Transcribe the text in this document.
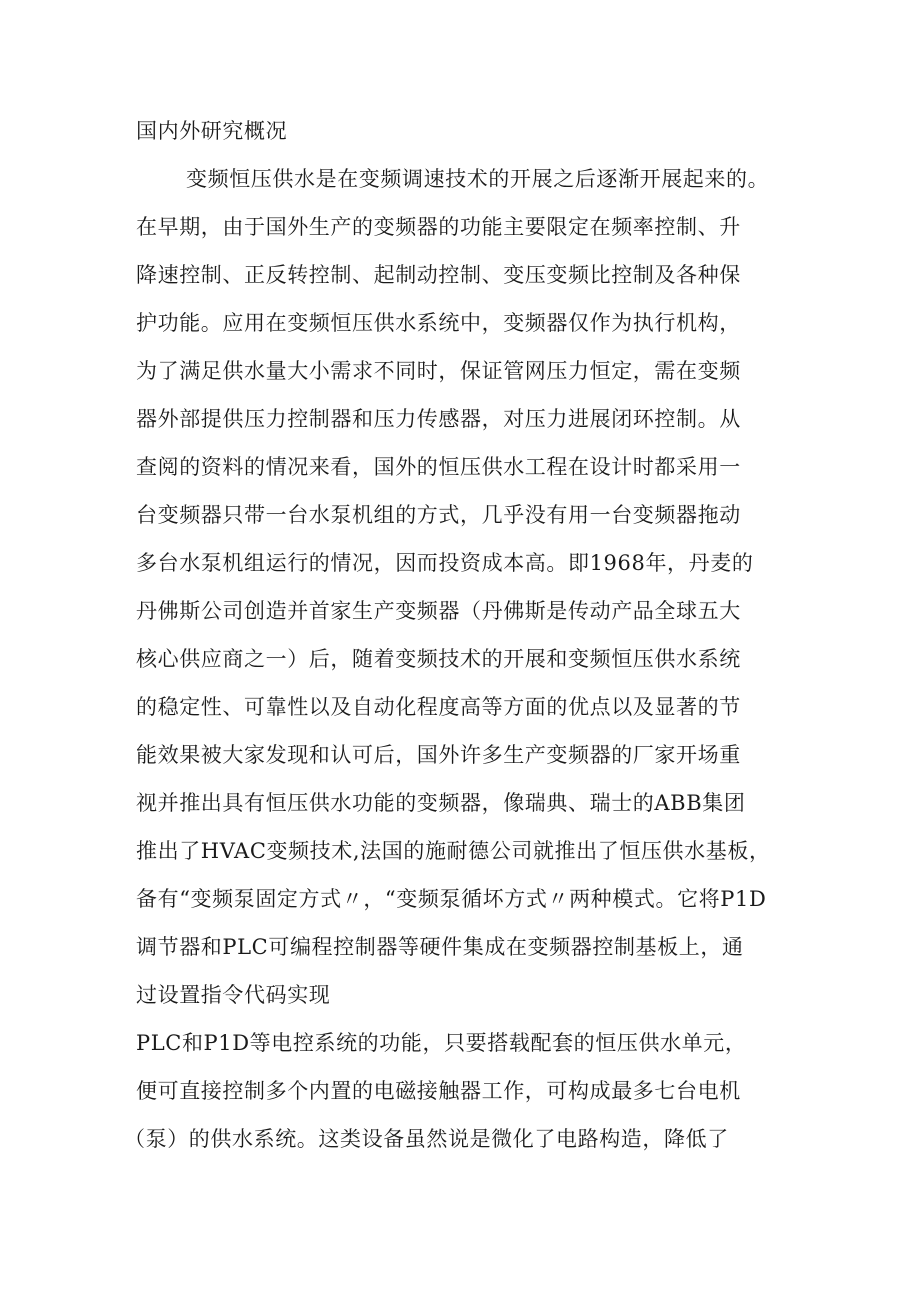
国内外研究概况
变频恒压供水是在变频调速技术的开展之后逐渐开展起来的。
在早期，由于国外生产的变频器的功能主要限定在频率控制、升
降速控制、正反转控制、起制动控制、变压变频比控制及各种保
护功能。应用在变频恒压供水系统中，变频器仅作为执行机构，
为了满足供水量大小需求不同时，保证管网压力恒定，需在变频
器外部提供压力控制器和压力传感器，对压力进展闭环控制。从
查阅的资料的情况来看，国外的恒压供水工程在设计时都采用一
台变频器只带一台水泵机组的方式，几乎没有用一台变频器拖动
多台水泵机组运行的情况，因而投资成本高。即1968年，丹麦的
丹佛斯公司创造并首家生产变频器（丹佛斯是传动产品全球五大
核心供应商之一）后，随着变频技术的开展和变频恒压供水系统
的稳定性、可靠性以及自动化程度高等方面的优点以及显著的节
能效果被大家发现和认可后，国外许多生产变频器的厂家开场重
视并推出具有恒压供水功能的变频器，像瑞典、瑞士的ABB集团
推出了HVAC变频技术,法国的施耐德公司就推出了恒压供水基板，
备有“变频泵固定方式〃，“变频泵循坏方式〃两种模式。它将P1D
调节器和PLC可编程控制器等硬件集成在变频器控制基板上，通
过设置指令代码实现
PLC和P1D等电控系统的功能，只要搭载配套的恒压供水单元，
便可直接控制多个内置的电磁接触器工作，可构成最多七台电机
（泵）的供水系统。这类设备虽然说是微化了电路构造，降低了
